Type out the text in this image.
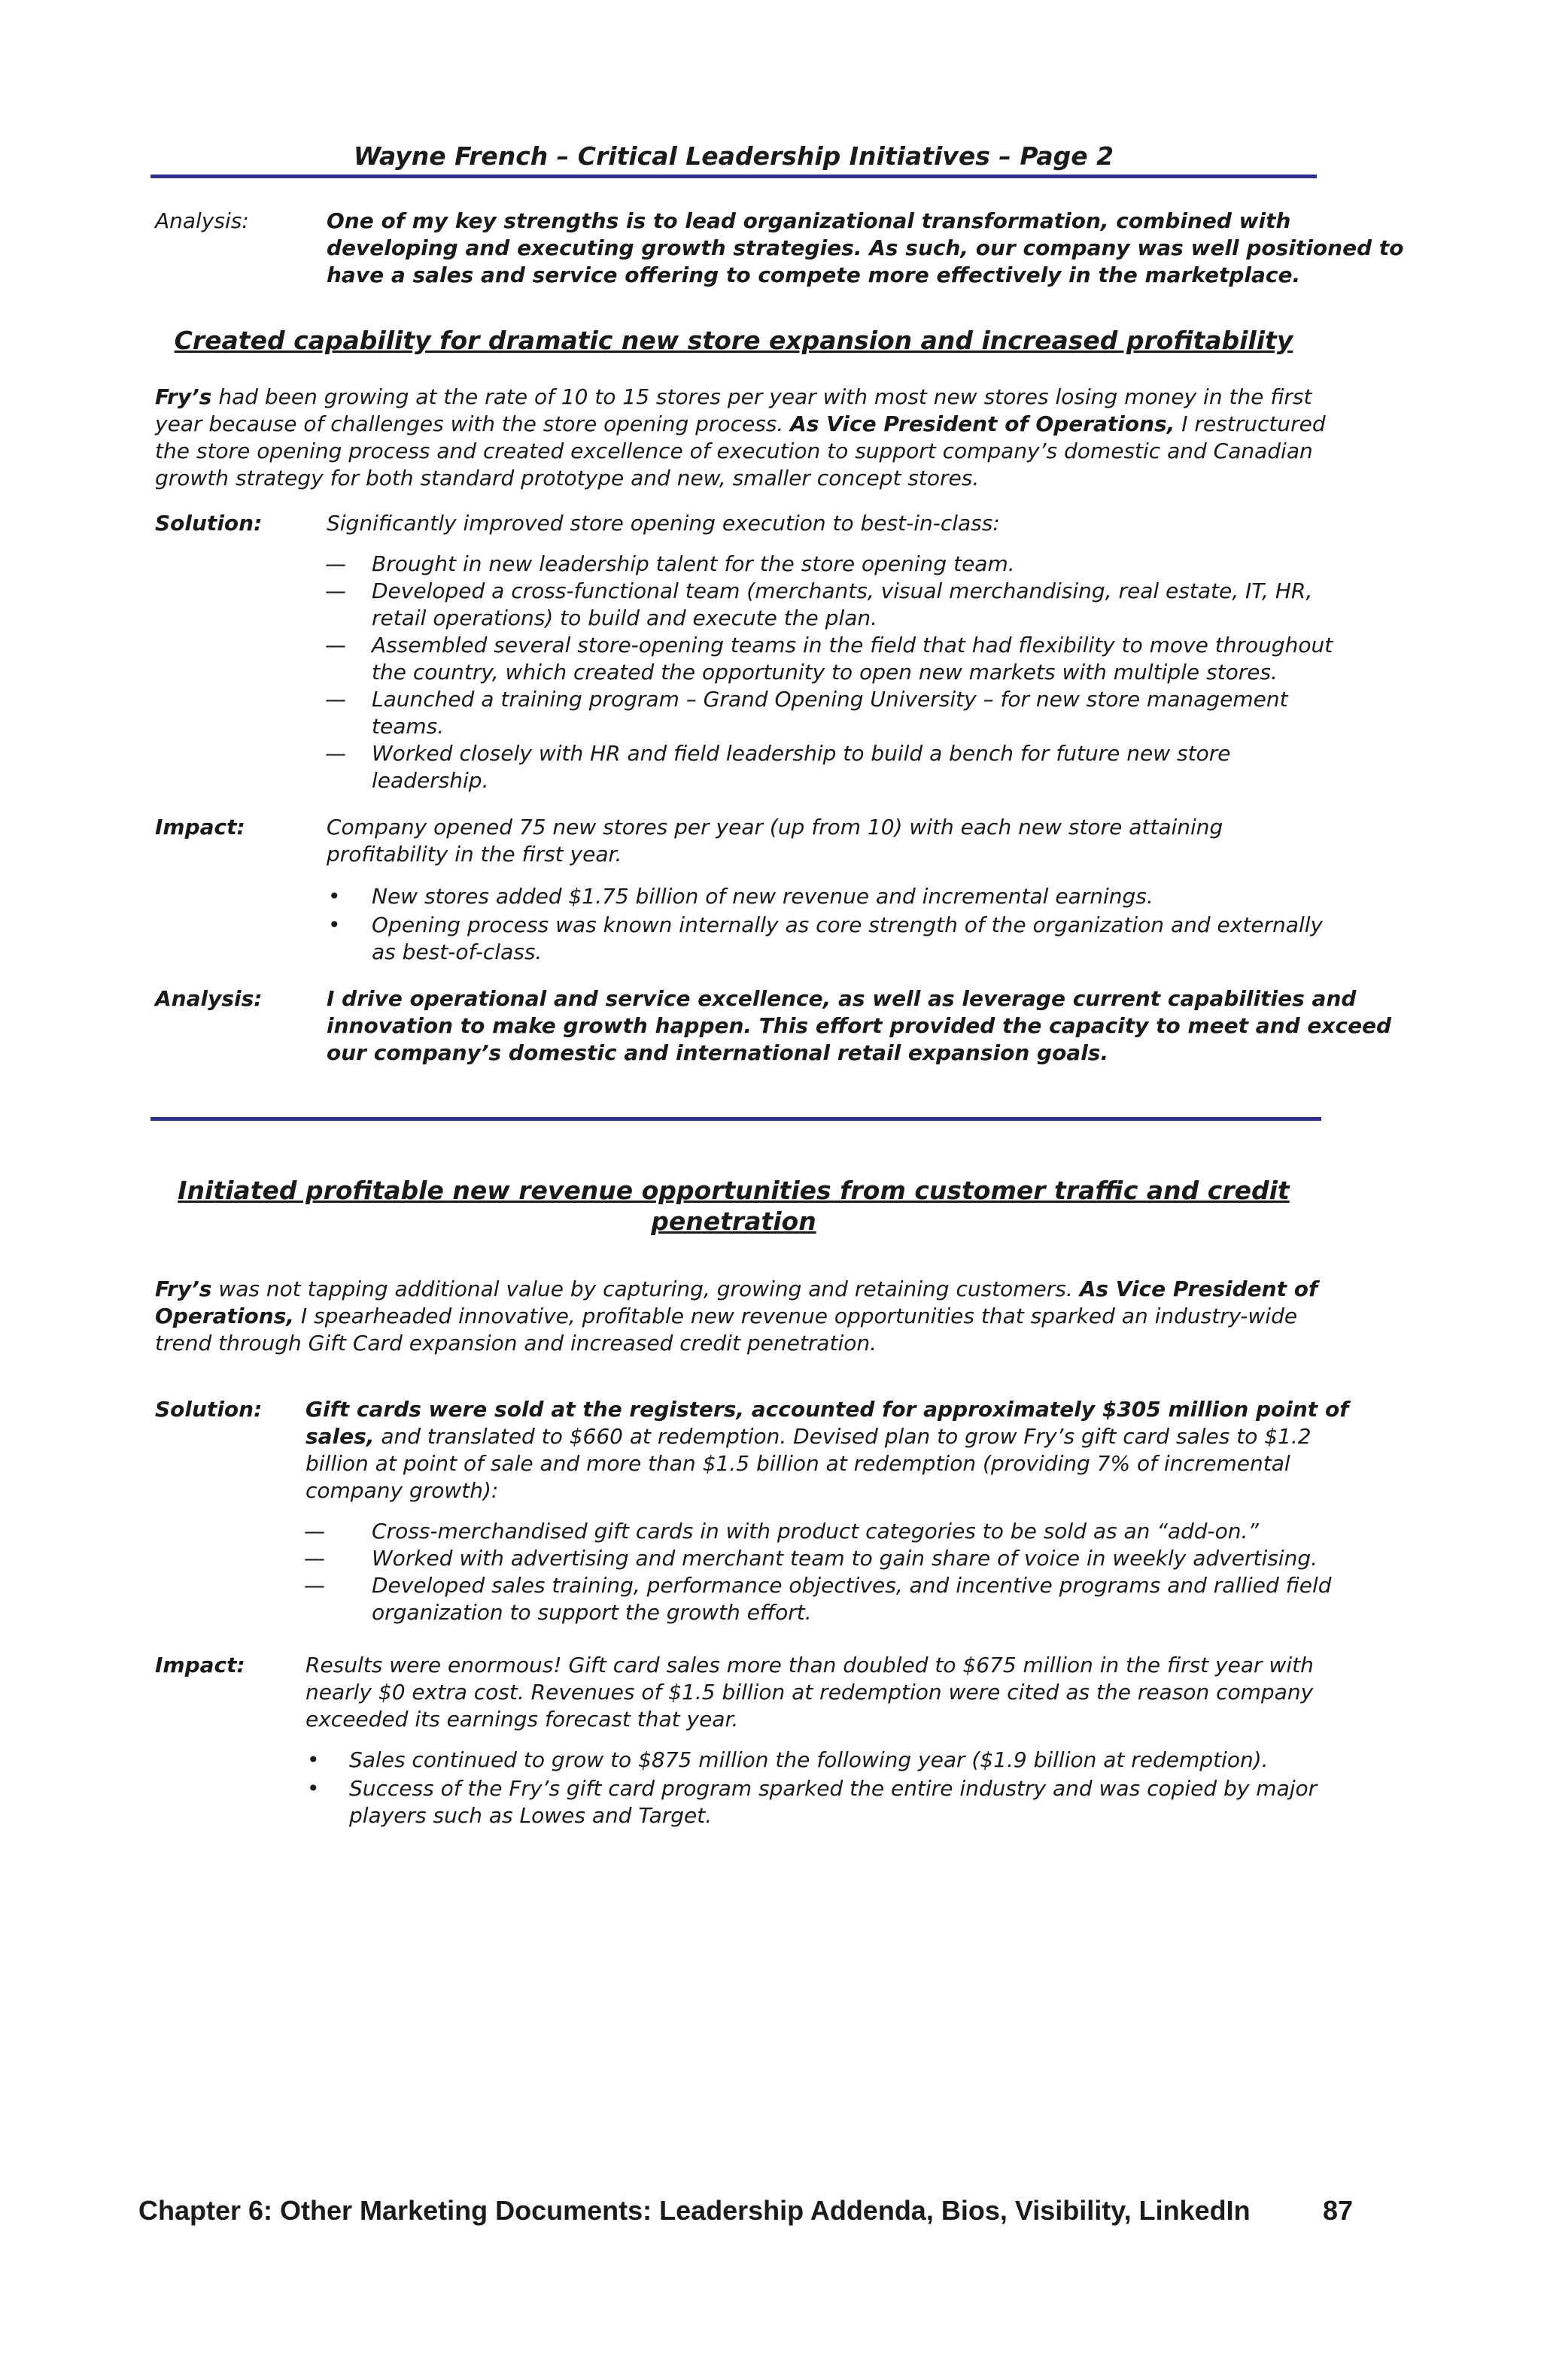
Wayne French – Critical Leadership Initiatives – Page 2
Analysis:	One of my key strengths is to lead organizational transformation, combined with
developing and executing growth strategies. As such, our company was well positioned to
have a sales and service offering to compete more effectively in the marketplace.
Created capability for dramatic new store expansion and increased profitability
Fry’s had been growing at the rate of 10 to 15 stores per year with most new stores losing money in the first
year because of challenges with the store opening process. As Vice President of Operations, I restructured
the store opening process and created excellence of execution to support company’s domestic and Canadian
growth strategy for both standard prototype and new, smaller concept stores.
Solution:	Significantly improved store opening execution to best-in-class:
— Brought in new leadership talent for the store opening team.
— Developed a cross-functional team (merchants, visual merchandising, real estate, IT, HR,
retail operations) to build and execute the plan.
— Assembled several store-opening teams in the field that had flexibility to move throughout
the country, which created the opportunity to open new markets with multiple stores.
— Launched a training program – Grand Opening University – for new store management
teams.
— Worked closely with HR and field leadership to build a bench for future new store
leadership.
Impact:	Company opened 75 new stores per year (up from 10) with each new store attaining
profitability in the first year.
• New stores added $1.75 billion of new revenue and incremental earnings.
• Opening process was known internally as core strength of the organization and externally
as best-of-class.
Analysis:	I drive operational and service excellence, as well as leverage current capabilities and
innovation to make growth happen. This effort provided the capacity to meet and exceed
our company’s domestic and international retail expansion goals.
Initiated profitable new revenue opportunities from customer traffic and credit
penetration
Fry’s was not tapping additional value by capturing, growing and retaining customers. As Vice President of
Operations, I spearheaded innovative, profitable new revenue opportunities that sparked an industry-wide
trend through Gift Card expansion and increased credit penetration.
Solution: Gift cards were sold at the registers, accounted for approximately $305 million point of
sales, and translated to $660 at redemption. Devised plan to grow Fry’s gift card sales to $1.2
billion at point of sale and more than $1.5 billion at redemption (providing 7% of incremental
company growth):
— Cross-merchandised gift cards in with product categories to be sold as an “add-on.”
— Worked with advertising and merchant team to gain share of voice in weekly advertising.
— Developed sales training, performance objectives, and incentive programs and rallied field
organization to support the growth effort.
Impact:	Results were enormous! Gift card sales more than doubled to $675 million in the first year with
nearly $0 extra cost. Revenues of $1.5 billion at redemption were cited as the reason company
exceeded its earnings forecast that year.
• Sales continued to grow to $875 million the following year ($1.9 billion at redemption).
• Success of the Fry’s gift card program sparked the entire industry and was copied by major
players such as Lowes and Target.
Chapter 6: Other Marketing Documents: Leadership Addenda, Bios, Visibility, LinkedIn	87
